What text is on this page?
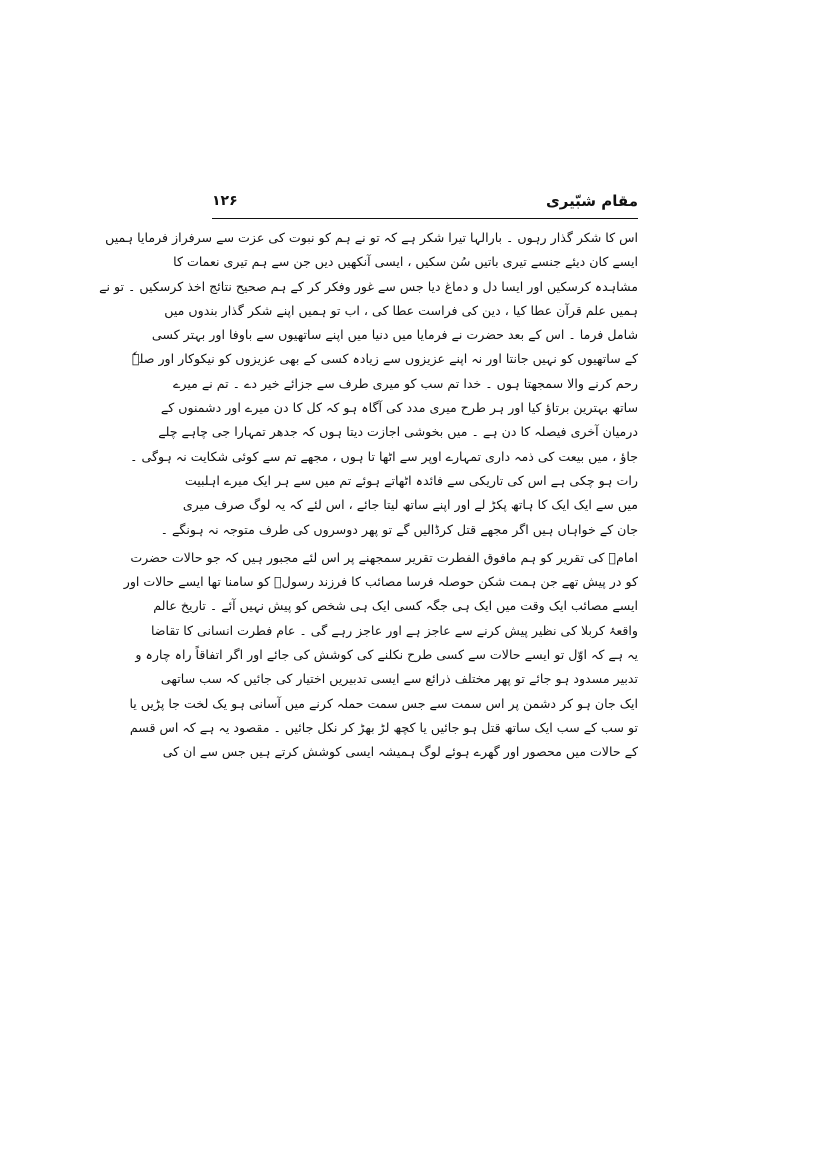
مقام شبّیری
۱۲۶
اس کا شکر گذار رہوں ۔ بارالہا تیرا شکر ہے کہ تو نے ہم کو نبوت کی عزت سے سرفراز فرمایا ہمیں
ایسے کان دیئے جنسے تیری باتیں سُن سکیں ، ایسی آنکھیں دیں جن سے ہم تیری نعمات کا
مشاہدہ کرسکیں اور ایسا دل و دماغ دیا جس سے غور وفکر کر کے ہم صحیح نتائج اخذ کرسکیں ۔ تو نے
ہمیں علم قرآن عطا کیا ، دین کی فراست عطا کی ، اب تو ہمیں اپنے شکر گذار بندوں میں
شامل فرما ۔ اس کے بعد حضرت نے فرمایا میں دنیا میں اپنے ساتھیوں سے باوفا اور بہتر کسی
کے ساتھیوں کو نہیں جانتا اور نہ اپنے عزیزوں سے زیادہ کسی کے بھی عزیزوں کو نیکوکار اور صلہٗ
رحم کرنے والا سمجھتا ہوں ۔ خدا تم سب کو میری طرف سے جزائے خیر دے ۔ تم نے میرے
ساتھ بہترین برتاؤ کیا اور ہر طرح میری مدد کی آگاہ ہو کہ کل کا دن میرے اور دشمنوں کے
درمیان آخری فیصلہ کا دن ہے ۔ میں بخوشی اجازت دیتا ہوں کہ جدھر تمہارا جی چاہے چلے
جاؤ ، میں بیعت کی ذمہ داری تمہارے اوپر سے اٹھا تا ہوں ، مجھے تم سے کوئی شکایت نہ ہوگی ۔
رات ہو چکی ہے اس کی تاریکی سے فائدہ اٹھاتے ہوئے تم میں سے ہر ایک میرے اہلبیت
میں سے ایک ایک کا ہاتھ پکڑ لے اور اپنے ساتھ لیتا جائے ، اس لئے کہ یہ لوگ صرف میری
جان کے خواہاں ہیں اگر مجھے قتل کرڈالیں گے تو پھر دوسروں کی طرف متوجہ نہ ہونگے ۔
امامؑ کی تقریر کو ہم مافوق الفطرت تقریر سمجھنے پر اس لئے مجبور ہیں کہ جو حالات حضرت
کو در پیش تھے جن ہمت شکن حوصلہ فرسا مصائب کا فرزند رسولؐ کو سامنا تھا ایسے حالات اور
ایسے مصائب ایک وقت میں ایک ہی جگہ کسی ایک ہی شخص کو پیش نہیں آئے ۔ تاریخ عالم
واقعۂ کربلا کی نظیر پیش کرنے سے عاجز ہے اور عاجز رہے گی ۔ عام فطرت انسانی کا تقاضا
یہ ہے کہ اوّل تو ایسے حالات سے کسی طرح نکلنے کی کوشش کی جائے اور اگر اتفاقاً راہ چارہ و
تدبیر مسدود ہو جائے تو پھر مختلف ذرائع سے ایسی تدبیریں اختیار کی جائیں کہ سب ساتھی
ایک جان ہو کر دشمن پر اس سمت سے جس سمت حملہ کرنے میں آسانی ہو یک لخت جا پڑیں یا
تو سب کے سب ایک ساتھ قتل ہو جائیں یا کچھ لڑ بھڑ کر نکل جائیں ۔ مقصود یہ ہے کہ اس قسم
کے حالات میں محصور اور گھرے ہوئے لوگ ہمیشہ ایسی کوشش کرتے ہیں جس سے ان کی
